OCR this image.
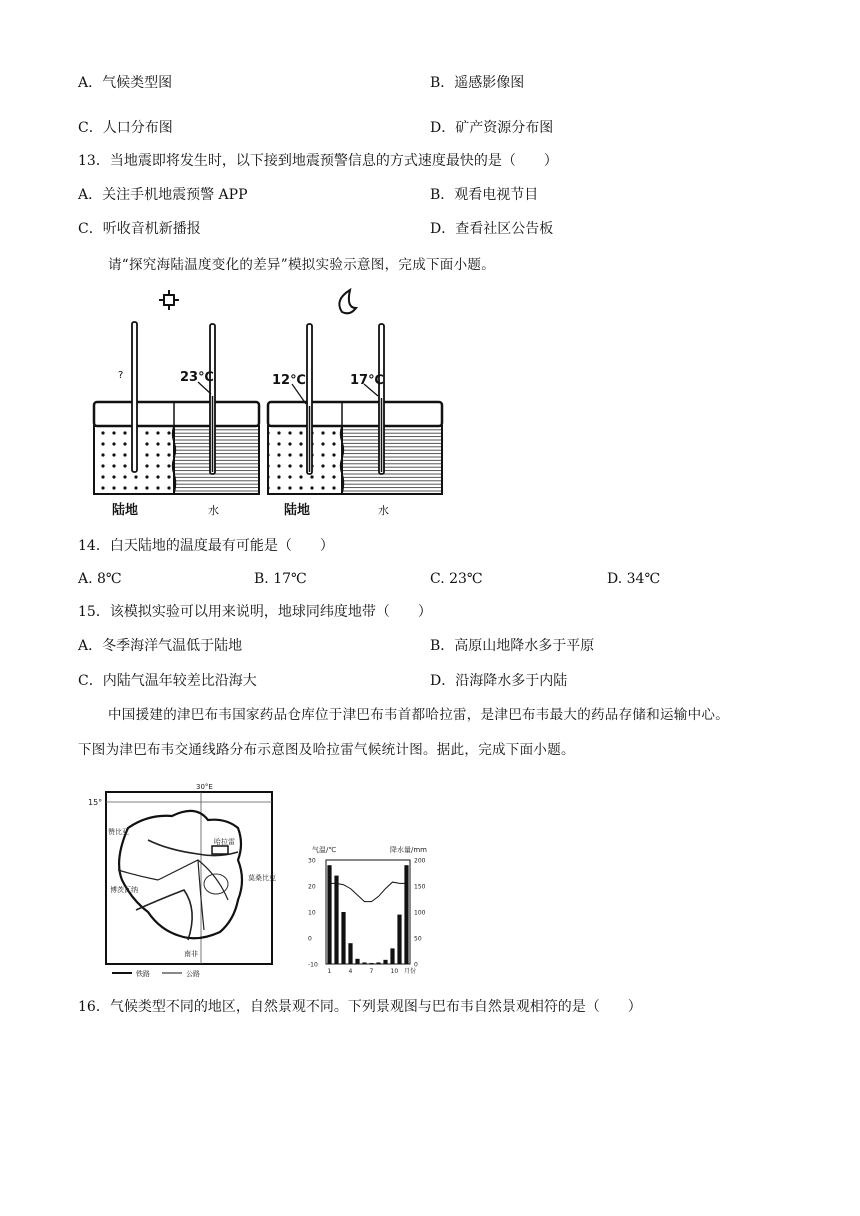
A．气候类型图	B．遥感影像图
C．人口分布图	D．矿产资源分布图
13．当地震即将发生时，以下接到地震预警信息的方式速度最快的是（　　）
A．关注手机地震预警 APP	B．观看电视节目
C．听收音机新播报	D．查看社区公告板
请“探究海陆温度变化的差异”模拟实验示意图，完成下面小题。
?	23℃
陆地	水
12℃	17℃
陆地	水
14．白天陆地的温度最有可能是（　　）
A. 8℃	B. 17℃	C. 23℃	D. 34℃
15．该模拟实验可以用来说明，地球同纬度地带（　　）
A．冬季海洋气温低于陆地	B．高原山地降水多于平原
C．内陆气温年较差比沿海大	D．沿海降水多于内陆
中国援建的津巴布韦国家药品仓库位于津巴布韦首都哈拉雷，是津巴布韦最大的药品存储和运输中心。
下图为津巴布韦交通线路分布示意图及哈拉雷气候统计图。据此，完成下面小题。
15°
30°E
赞比亚
哈拉雷
博茨瓦纳
莫桑比克
南非
铁路	公路
气温/℃	降水量/mm
30
20
10
0
-10
200
150
100
50
0
1	4	7	10 月份
16．气候类型不同的地区，自然景观不同。下列景观图与巴布韦自然景观相符的是（　　）
